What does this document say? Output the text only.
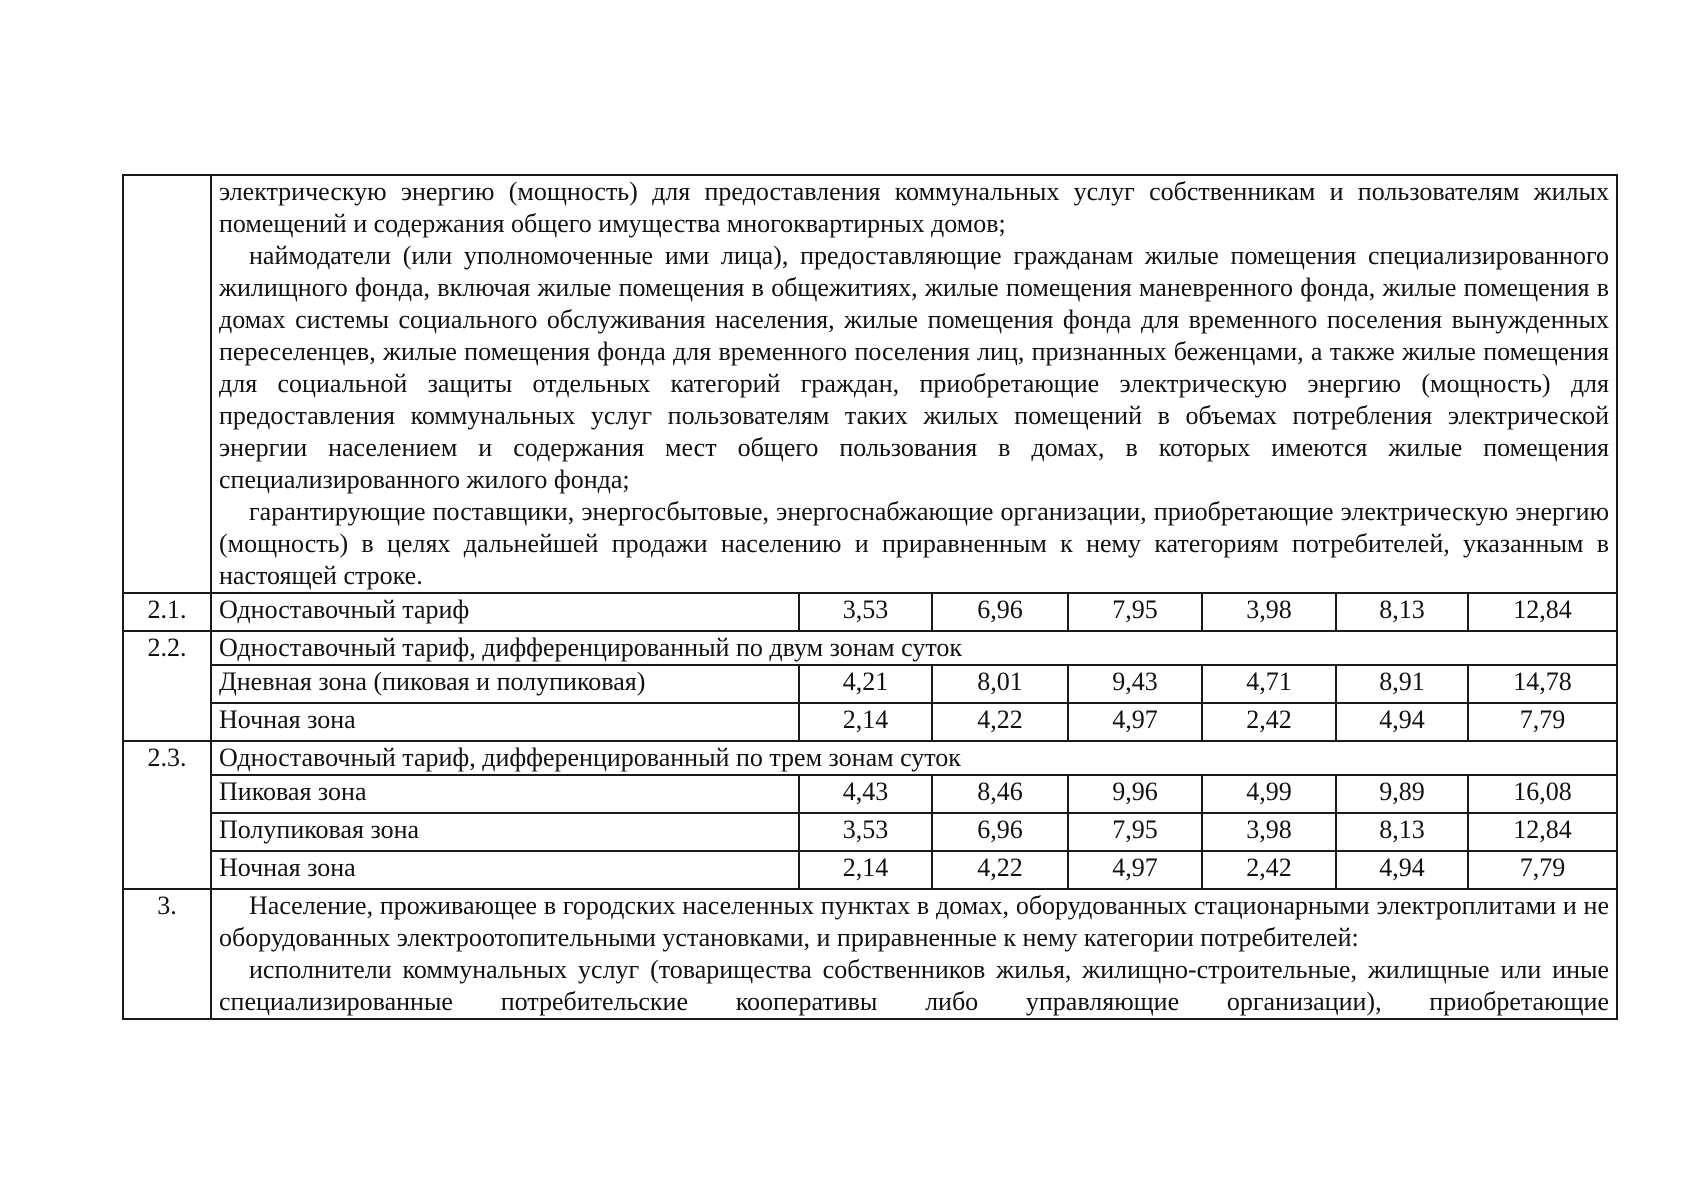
	электрическую энергию (мощность) для предоставления коммунальных услуг собственникам и пользователям жилых помещений и содержания общего имущества многоквартирных домов;

наймодатели (или уполномоченные ими лица), предоставляющие гражданам жилые помещения специализированного жилищного фонда, включая жилые помещения в общежитиях, жилые помещения маневренного фонда, жилые помещения в домах системы социального обслуживания населения, жилые помещения фонда для временного поселения вынужденных переселенцев, жилые помещения фонда для временного поселения лиц, признанных беженцами, а также жилые помещения для социальной защиты отдельных категорий граждан, приобретающие электрическую энергию (мощность) для предоставления коммунальных услуг пользователям таких жилых помещений в объемах потребления электрической энергии населением и содержания мест общего пользования в домах, в которых имеются жилые помещения специализированного жилого фонда;

гарантирующие поставщики, энергосбытовые, энергоснабжающие организации, приобретающие электрическую энергию (мощность) в целях дальнейшей продажи населению и приравненным к нему категориям потребителей, указанным в настоящей строке.						

2.1.	Одноставочный тариф	3,53	6,96	7,95	3,98	8,13	12,84
2.2.	Одноставочный тариф, дифференцированный по двум зонам суток						
	Дневная зона (пиковая и полупиковая)	4,21	8,01	9,43	4,71	8,91	14,78
	Ночная зона	2,14	4,22	4,97	2,42	4,94	7,79
2.3.	Одноставочный тариф, дифференцированный по трем зонам суток						
	Пиковая зона	4,43	8,46	9,96	4,99	9,89	16,08
	Полупиковая зона	3,53	6,96	7,95	3,98	8,13	12,84
	Ночная зона	2,14	4,22	4,97	2,42	4,94	7,79
3.	Население, проживающее в городских населенных пунктах в домах, оборудованных стационарными электроплитами и не оборудованных электроотопительными установками, и приравненные к нему категории потребителей:

исполнители коммунальных услуг (товарищества собственников жилья, жилищно-строительные, жилищные или иные специализированные потребительские кооперативы либо управляющие организации), приобретающие						
